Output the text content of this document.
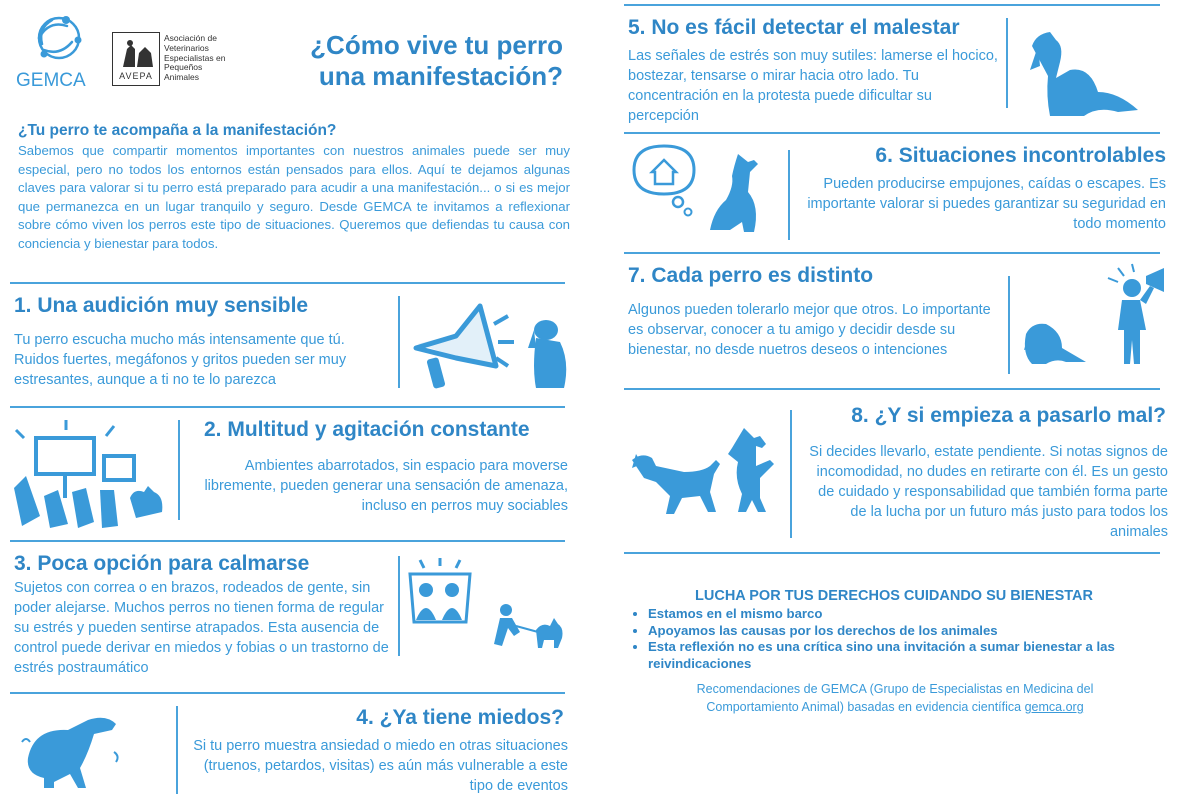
GEMCA	AVEPA
Asociación de
Veterinarios
Especialistas en
Pequeños
Animales
¿Cómo vive tu perro
una manifestación?
¿Tu perro te acompaña a la manifestación?
Sabemos que compartir momentos importantes con nuestros animales puede ser muy especial, pero no todos los entornos están pensados para ellos. Aquí te dejamos algunas claves para valorar si tu perro está preparado para acudir a una manifestación... o si es mejor que permanezca en un lugar tranquilo y seguro. Desde GEMCA te invitamos a reflexionar sobre cómo viven los perros este tipo de situaciones. Queremos que defiendas tu causa con conciencia y bienestar para todos.
1. Una audición muy sensible
Tu perro escucha mucho más intensamente que tú. Ruidos fuertes, megáfonos y gritos pueden ser muy estresantes, aunque a ti no te lo parezca
2. Multitud y agitación constante
Ambientes abarrotados, sin espacio para moverse libremente, pueden generar una sensación de amenaza, incluso en perros muy sociables
3. Poca opción para calmarse
Sujetos con correa o en brazos, rodeados de gente, sin poder alejarse. Muchos perros no tienen forma de regular su estrés y pueden sentirse atrapados. Esta ausencia de control puede derivar en miedos y fobias o un trastorno de estrés postraumático
4. ¿Ya tiene miedos?
Si tu perro muestra ansiedad o miedo en otras situaciones (truenos, petardos, visitas) es aún más vulnerable a este tipo de eventos
5. No es fácil detectar el malestar
Las señales de estrés son muy sutiles: lamerse el hocico, bostezar, tensarse o mirar hacia otro lado. Tu concentración en la protesta puede dificultar su percepción
6. Situaciones incontrolables
Pueden producirse empujones, caídas o escapes. Es importante valorar si puedes garantizar su seguridad en todo momento
7. Cada perro es distinto
Algunos pueden tolerarlo mejor que otros. Lo importante es observar, conocer a tu amigo y decidir desde su bienestar, no desde nuetros deseos o intenciones
8. ¿Y si empieza a pasarlo mal?
Si decides llevarlo, estate pendiente. Si notas signos de incomodidad, no dudes en retirarte con él. Es un gesto de cuidado y responsabilidad que también forma parte de la lucha por un futuro más justo para todos los animales
LUCHA POR TUS DERECHOS CUIDANDO SU BIENESTAR
• Estamos en el mismo barco
• Apoyamos las causas por los derechos de los animales
• Esta reflexión no es una crítica sino una invitación a sumar bienestar a las reivindicaciones
Recomendaciones de GEMCA (Grupo de Especialistas en Medicina del Comportamiento Animal) basadas en evidencia científica gemca.org
